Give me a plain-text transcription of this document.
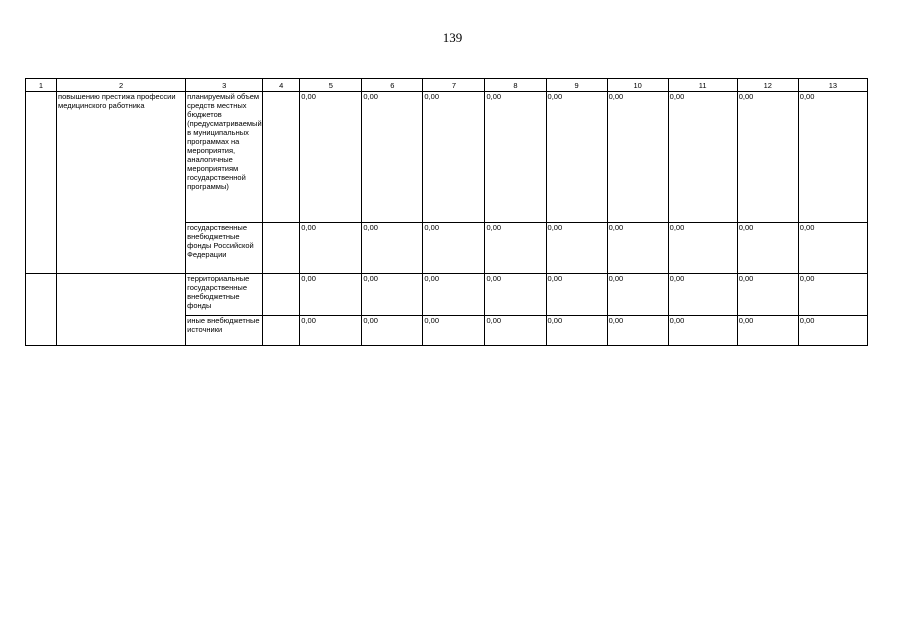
139
1	2	3	4	5	6	7	8	9	10	11	12	13
	повышению престижа профессии медицинского работника	планируемый объем средств местных бюджетов (предусматриваемый в муниципальных программах на мероприятия, аналогичные мероприятиям государственной программы)		0,00	0,00	0,00	0,00	0,00	0,00	0,00	0,00	0,00
		государственные внебюджетные фонды Российской Федерации		0,00	0,00	0,00	0,00	0,00	0,00	0,00	0,00	0,00
		территориальные государственные внебюджетные фонды		0,00	0,00	0,00	0,00	0,00	0,00	0,00	0,00	0,00
		иные внебюджетные источники		0,00	0,00	0,00	0,00	0,00	0,00	0,00	0,00	0,00
